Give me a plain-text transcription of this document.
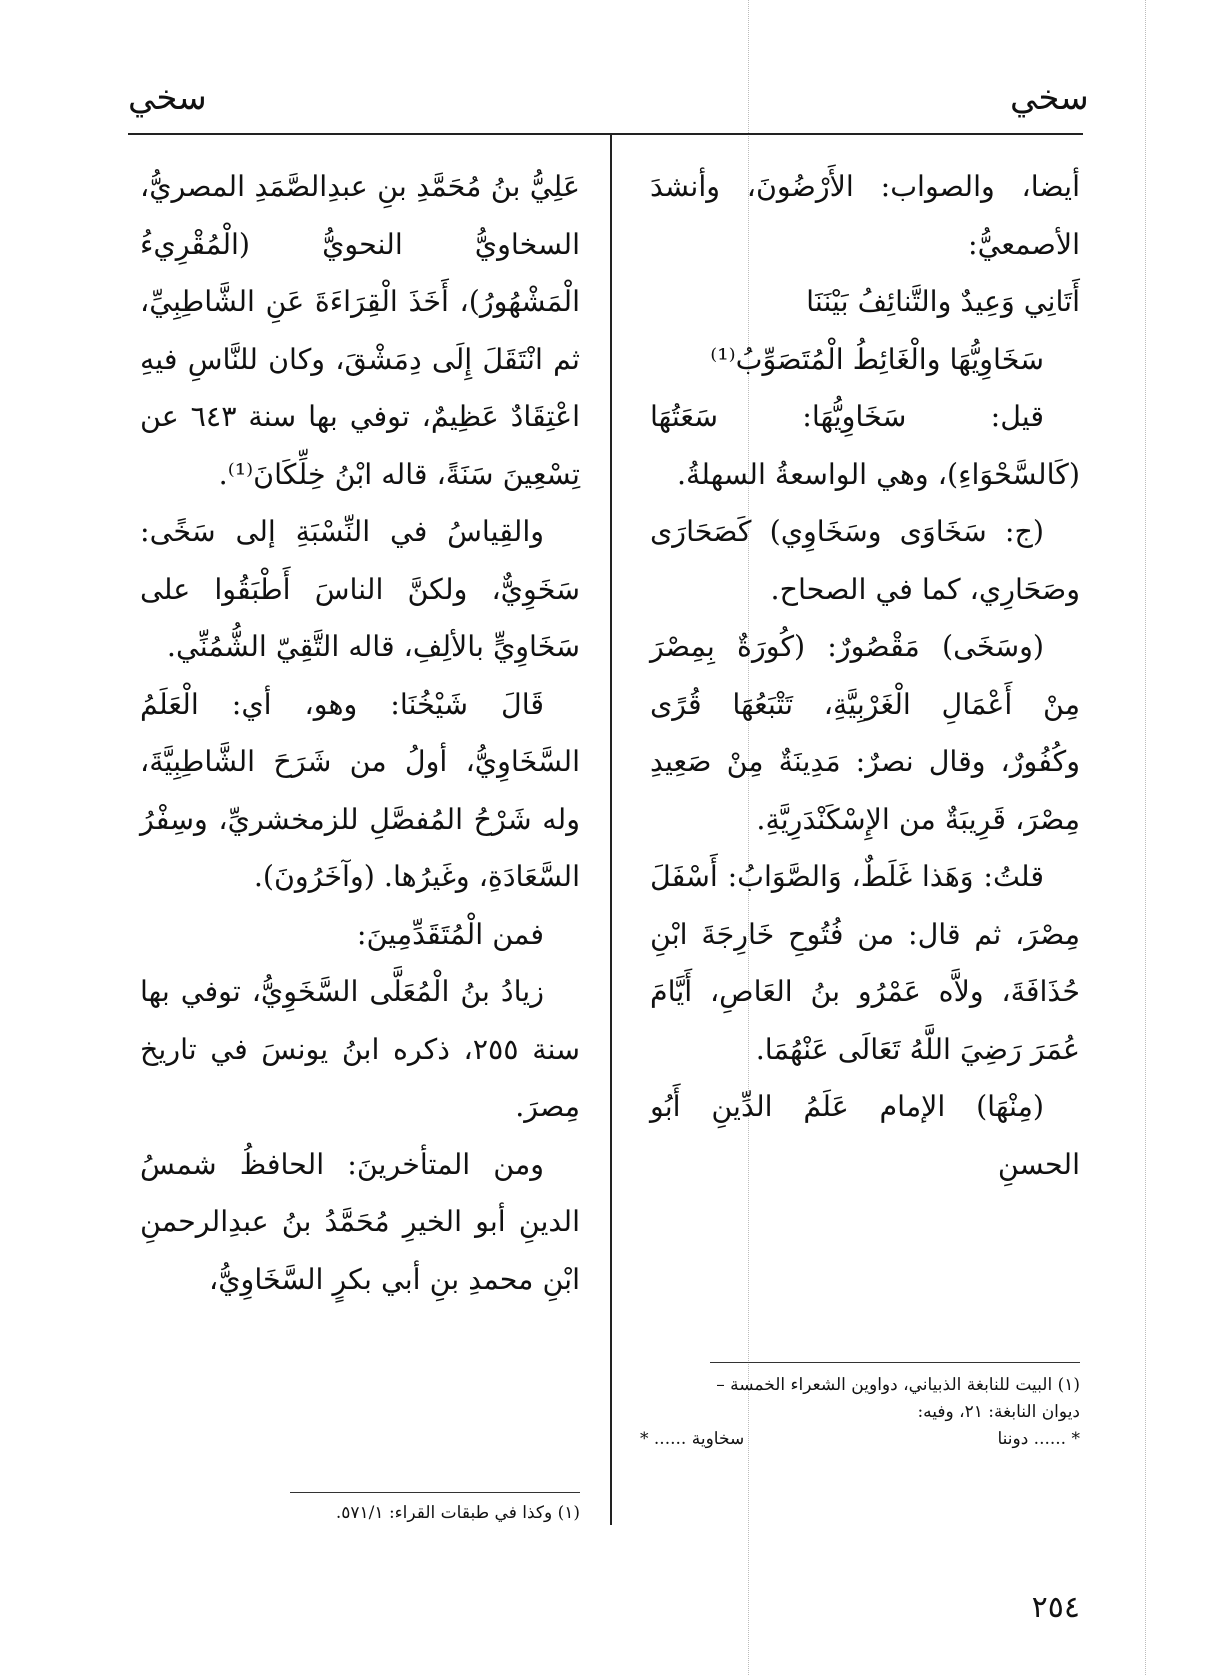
سخي
سخي

أيضا، والصواب: الأَرْضُونَ، وأنشدَ الأصمعيُّ:

أَتَانِي وَعِيدٌ والتَّنائِفُ بَيْنَنَا

سَخَاوِيُّهَا والْغَائِطُ الْمُتَصَوِّبُ⁽¹⁾

قيل: سَخَاوِيُّهَا: سَعَتُهَا (كَالسَّحْوَاءِ)، وهي الواسعةُ السهلةُ.

(ج: سَخَاوَى وسَخَاوِي) كَصَحَارَى وصَحَارِي، كما في الصحاح.

(وسَخَى) مَقْصُورٌ: (كُورَةٌ بِمِصْرَ مِنْ أَعْمَالِ الْغَرْبِيَّةِ، تَتْبَعُهَا قُرًى وكُفُورٌ، وقال نصرٌ: مَدِينَةٌ مِنْ صَعِيدِ مِصْرَ، قَرِيبَةٌ من الإِسْكَنْدَرِيَّةِ.

قلتُ: وَهَذا غَلَطٌ، وَالصَّوَابُ: أَسْفَلَ مِصْرَ، ثم قال: من فُتُوحِ خَارِجَةَ ابْنِ حُذَافَةَ، ولاَّه عَمْرُو بنُ العَاصِ، أَيَّامَ عُمَرَ رَضِيَ اللَّهُ تَعَالَى عَنْهُمَا.

(مِنْهَا) الإمام عَلَمُ الدِّينِ أَبُو الحسنِ

عَلِيُّ بنُ مُحَمَّدِ بنِ عبدِالصَّمَدِ المصريُّ، السخاويُّ النحويُّ (الْمُقْرِيءُ الْمَشْهُورُ)، أَخَذَ الْقِرَاءَةَ عَنِ الشَّاطِبِيِّ، ثم انْتَقَلَ إِلَى دِمَشْقَ، وكان للنَّاسِ فيهِ اعْتِقَادٌ عَظِيمٌ، توفي بها سنة ٦٤٣ عن تِسْعِينَ سَنَةً، قاله ابْنُ خِلِّكَانَ⁽¹⁾.

والقِياسُ في النِّسْبَةِ إلى سَخًى: سَخَوِيٌّ، ولكنَّ الناسَ أَطْبَقُوا على سَخَاوِيٍّ بالألِفِ، قاله التَّقِيّ الشُّمُنِّي.

قَالَ شَيْخُنَا: وهو، أي: الْعَلَمُ السَّخَاوِيُّ، أولُ من شَرَحَ الشَّاطِبِيَّةَ، وله شَرْحُ المُفصَّلِ للزمخشريِّ، وسِفْرُ السَّعَادَةِ، وغَيرُها. (وآخَرُونَ).

فمن الْمُتَقَدِّمِينَ:

زيادُ بنُ الْمُعَلَّى السَّخَوِيُّ، توفي بها سنة ٢٥٥، ذكره ابنُ يونسَ في تاريخ مِصرَ.

ومن المتأخرينَ: الحافظُ شمسُ الدينِ أبو الخيرِ مُحَمَّدُ بنُ عبدِالرحمنِ ابْنِ محمدِ بنِ أبي بكرٍ السَّخَاوِيُّ،

(١) البيت للنابغة الذبياني، دواوين الشعراء الخمسة –
ديوان النابغة: ٢١، وفيه:
* ...... دوننا
سخاوية ...... *
(١) وكذا في طبقات القراء: ٥٧١/١.
٢٥٤
